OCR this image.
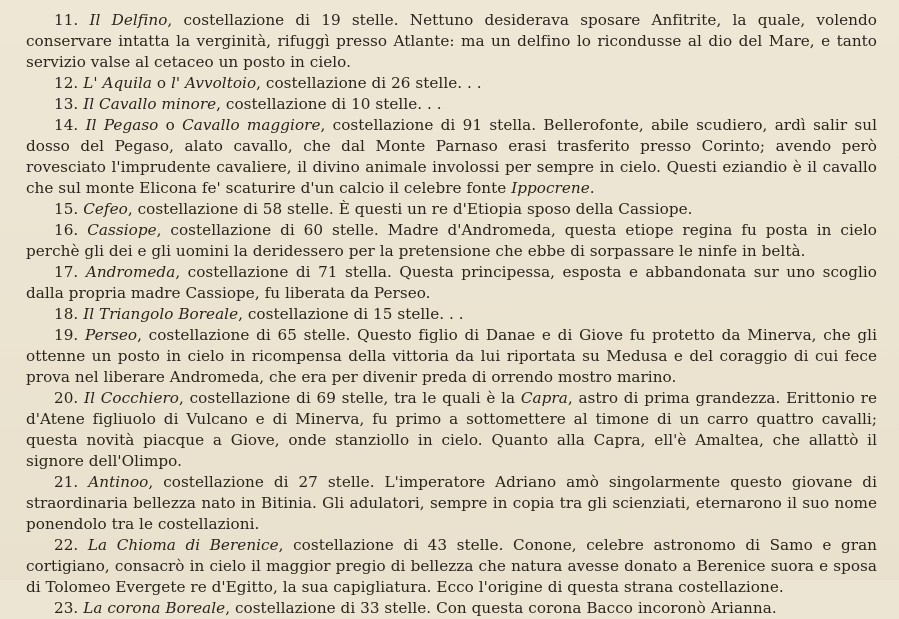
11. Il Delfino, costellazione di 19 stelle. Nettuno desiderava sposare Anfitrite, la quale, volendo conservare intatta la verginità, rifuggì presso Atlante: ma un delfino lo ricondusse al dio del Mare, e tanto servizio valse al cetaceo un posto in cielo.

12. L' Aquila o l' Avvoltoio, costellazione di 26 stelle. . .

13. Il Cavallo minore, costellazione di 10 stelle. . .

14. Il Pegaso o Cavallo maggiore, costellazione di 91 stella. Bellerofonte, abile scudiero, ardì salir sul dosso del Pegaso, alato cavallo, che dal Monte Parnaso erasi trasferito presso Corinto; avendo però rovesciato l'imprudente cavaliere, il divino animale involossi per sempre in cielo. Questi eziandio è il cavallo che sul monte Elicona fe' scaturire d'un calcio il celebre fonte Ippocrene.

15. Cefeo, costellazione di 58 stelle. È questi un re d'Etiopia sposo della Cassiope.

16. Cassiope, costellazione di 60 stelle. Madre d'Andromeda, questa etiope regina fu posta in cielo perchè gli dei e gli uomini la deridessero per la pretensione che ebbe di sorpassare le ninfe in beltà.

17. Andromeda, costellazione di 71 stella. Questa principessa, esposta e abbandonata sur uno scoglio dalla propria madre Cassiope, fu liberata da Perseo.

18. Il Triangolo Boreale, costellazione di 15 stelle. . .

19. Perseo, costellazione di 65 stelle. Questo figlio di Danae e di Giove fu protetto da Minerva, che gli ottenne un posto in cielo in ricompensa della vittoria da lui riportata su Medusa e del coraggio di cui fece prova nel liberare Andromeda, che era per divenir preda di orrendo mostro marino.

20. Il Cocchiero, costellazione di 69 stelle, tra le quali è la Capra, astro di prima grandezza. Erittonio re d'Atene figliuolo di Vulcano e di Minerva, fu primo a sottomettere al timone di un carro quattro cavalli; questa novità piacque a Giove, onde stanziollo in cielo. Quanto alla Capra, ell'è Amaltea, che allattò il signore dell'Olimpo.

21. Antinoo, costellazione di 27 stelle. L'imperatore Adriano amò singolarmente questo giovane di straordinaria bellezza nato in Bitinia. Gli adulatori, sempre in copia tra gli scienziati, eternarono il suo nome ponendolo tra le costellazioni.

22. La Chioma di Berenice, costellazione di 43 stelle. Conone, celebre astronomo di Samo e gran cortigiano, consacrò in cielo il maggior pregio di bellezza che natura avesse donato a Berenice suora e sposa di Tolomeo Evergete re d'Egitto, la sua capigliatura. Ecco l'origine di questa strana costellazione.

23. La corona Boreale, costellazione di 33 stelle. Con questa corona Bacco incoronò Arianna.
